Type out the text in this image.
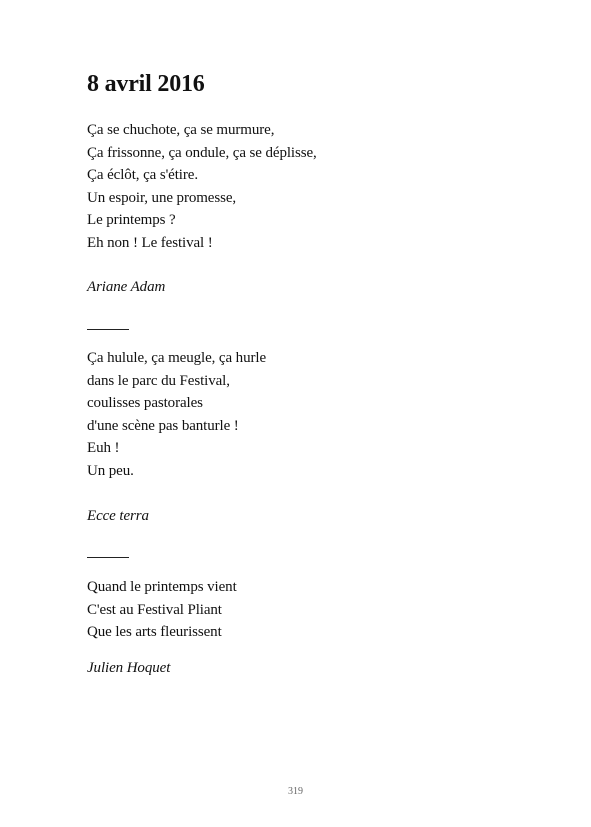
8 avril 2016
Ça se chuchote, ça se murmure,
Ça frissonne, ça ondule, ça se déplisse,
Ça éclôt, ça s'étire.
Un espoir, une promesse,
Le printemps ?
Eh non ! Le festival !
Ariane Adam
Ça hulule, ça meugle, ça hurle
dans le parc du Festival,
coulisses pastorales
d'une scène pas banturle !
Euh !
Un peu.
Ecce terra
Quand le printemps vient
C'est au Festival Pliant
Que les arts fleurissent
Julien Hoquet
319
